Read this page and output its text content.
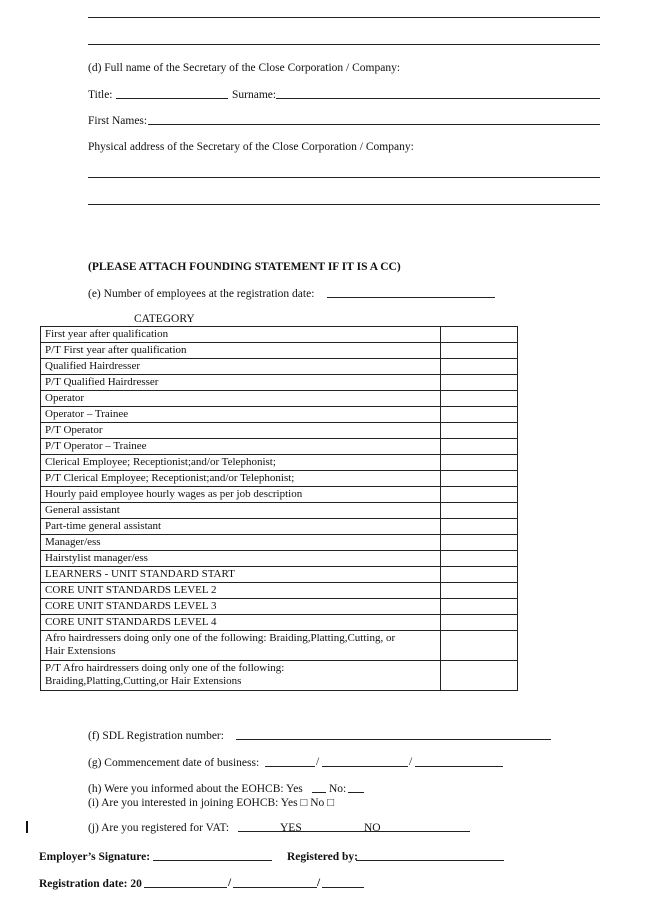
(d) Full name of the Secretary of the Close Corporation / Company:
Title:	Surname:
First Names:
Physical address of the Secretary of the Close Corporation / Company:
(PLEASE ATTACH FOUNDING STATEMENT IF IT IS A CC)
(e) Number of employees at the registration date:
CATEGORY
First year after qualification	
P/T First year after qualification	
Qualified Hairdresser	
P/T Qualified Hairdresser	
Operator	
Operator – Trainee	
P/T Operator	
P/T Operator – Trainee	
Clerical Employee; Receptionist;and/or Telephonist;	
P/T Clerical Employee; Receptionist;and/or Telephonist;	
Hourly paid employee hourly wages as per job description	
General assistant	
Part-time general assistant	
Manager/ess	
Hairstylist manager/ess	
LEARNERS - UNIT STANDARD START	
CORE UNIT STANDARDS LEVEL 2	
CORE UNIT STANDARDS LEVEL 3	
CORE UNIT STANDARDS LEVEL 4	

Afro hairdressers doing only one of the following: Braiding,Platting,Cutting, or
Hair Extensions	

P/T Afro hairdressers doing only one of the following:
Braiding,Platting,Cutting,or Hair Extensions	

(f) SDL Registration number:
(g) Commencement date of business:	/	/
(h) Were you informed about the EOHCB: Yes No:
(i) Are you interested in joining EOHCB: Yes □ No □
(j) Are you registered for VAT:	YES	NO
Employer’s Signature:	Registered by:
Registration date: 20	/	/
